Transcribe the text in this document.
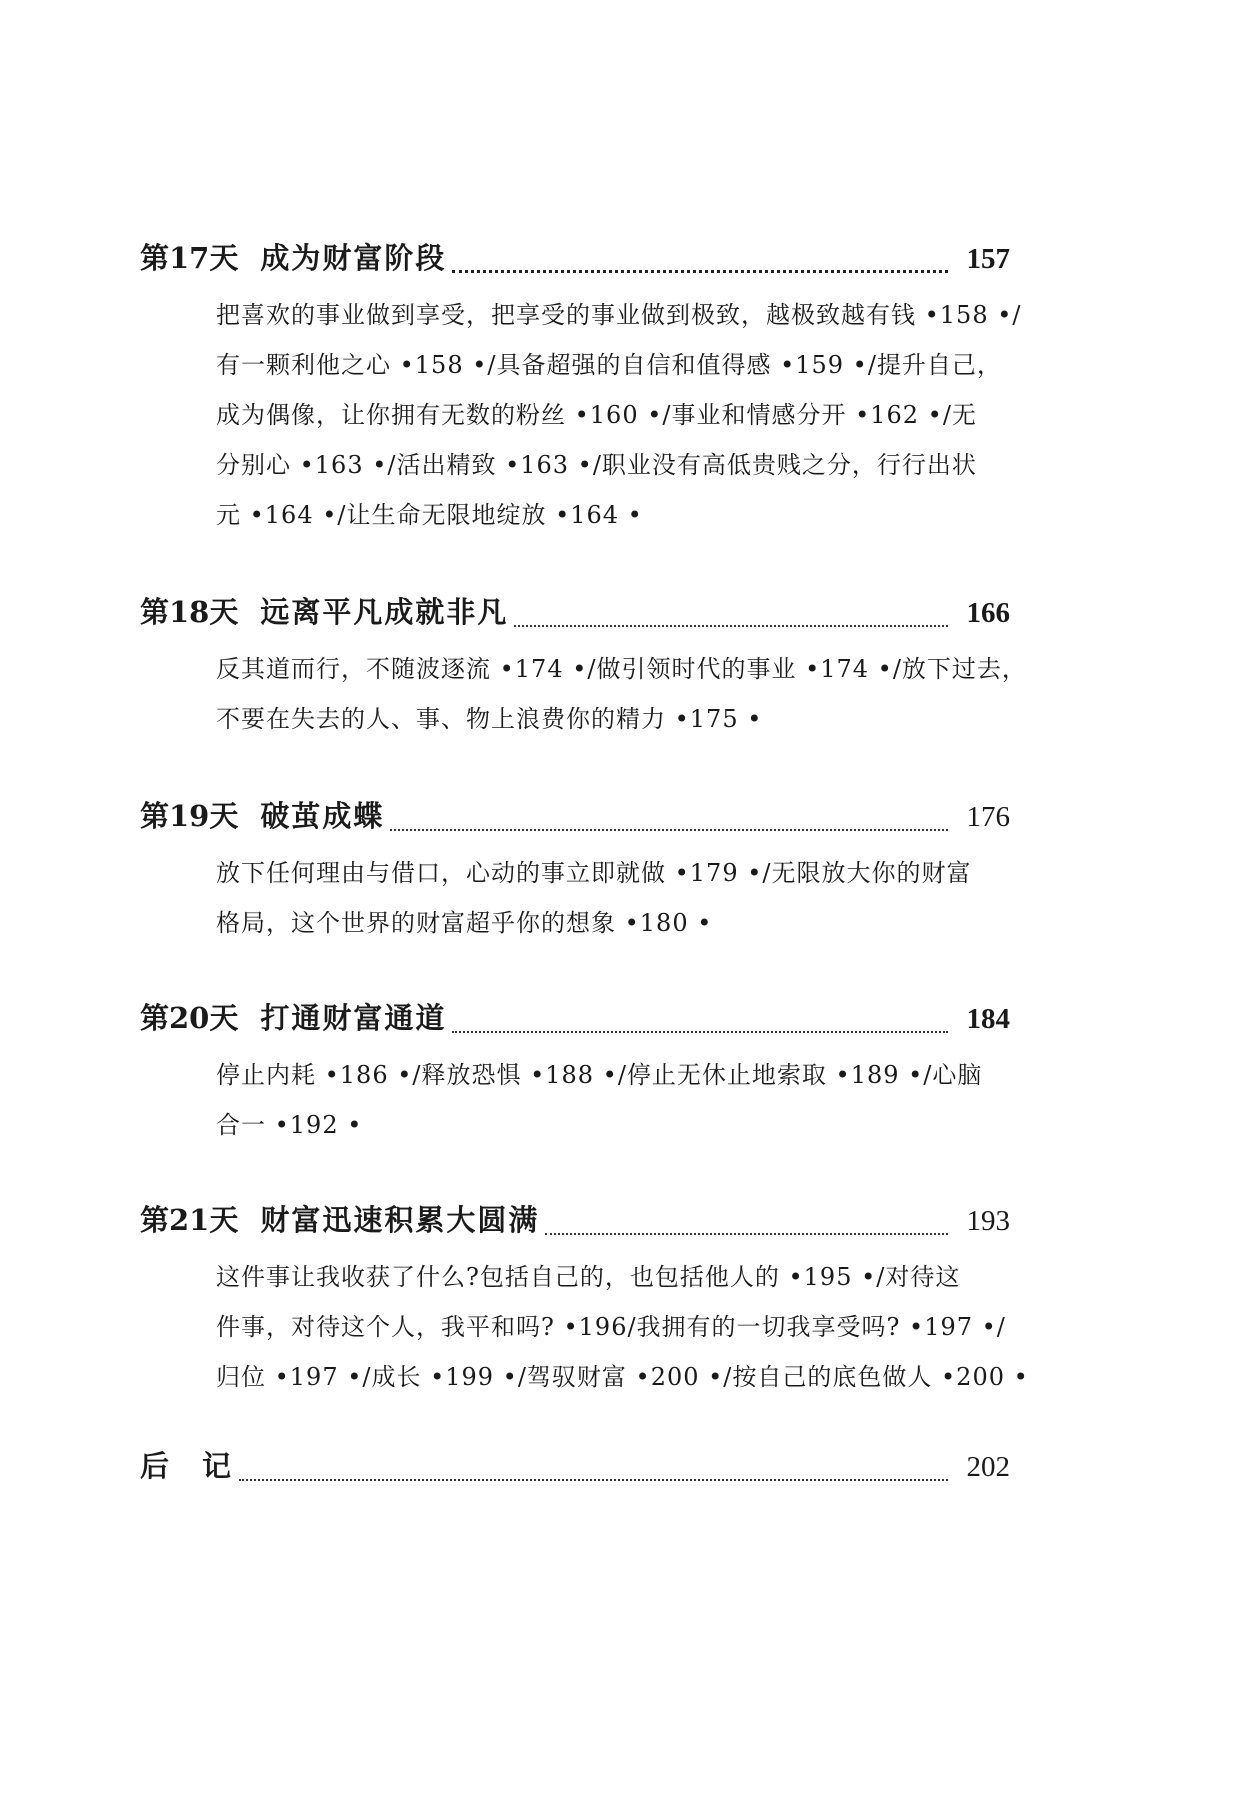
第17天 成为财富阶段	157
把喜欢的事业做到享受，把享受的事业做到极致，越极致越有钱 •158 •/
有一颗利他之心 •158 •/具备超强的自信和值得感 •159 •/提升自己，
成为偶像，让你拥有无数的粉丝 •160 •/事业和情感分开 •162 •/无
分别心 •163 •/活出精致 •163 •/职业没有高低贵贱之分，行行出状
元 •164 •/让生命无限地绽放 •164 •
第18天 远离平凡成就非凡	166
反其道而行，不随波逐流 •174 •/做引领时代的事业 •174 •/放下过去，
不要在失去的人、事、物上浪费你的精力 •175 •
第19天 破茧成蝶	176
放下任何理由与借口，心动的事立即就做 •179 •/无限放大你的财富
格局，这个世界的财富超乎你的想象 •180 •
第20天 打通财富通道	184
停止内耗 •186 •/释放恐惧 •188 •/停止无休止地索取 •189 •/心脑
合一 •192 •
第21天 财富迅速积累大圆满	193
这件事让我收获了什么?包括自己的，也包括他人的 •195 •/对待这
件事，对待这个人，我平和吗? •196/我拥有的一切我享受吗? •197 •/
归位 •197 •/成长 •199 •/驾驭财富 •200 •/按自己的底色做人 •200 •
后　记	202
